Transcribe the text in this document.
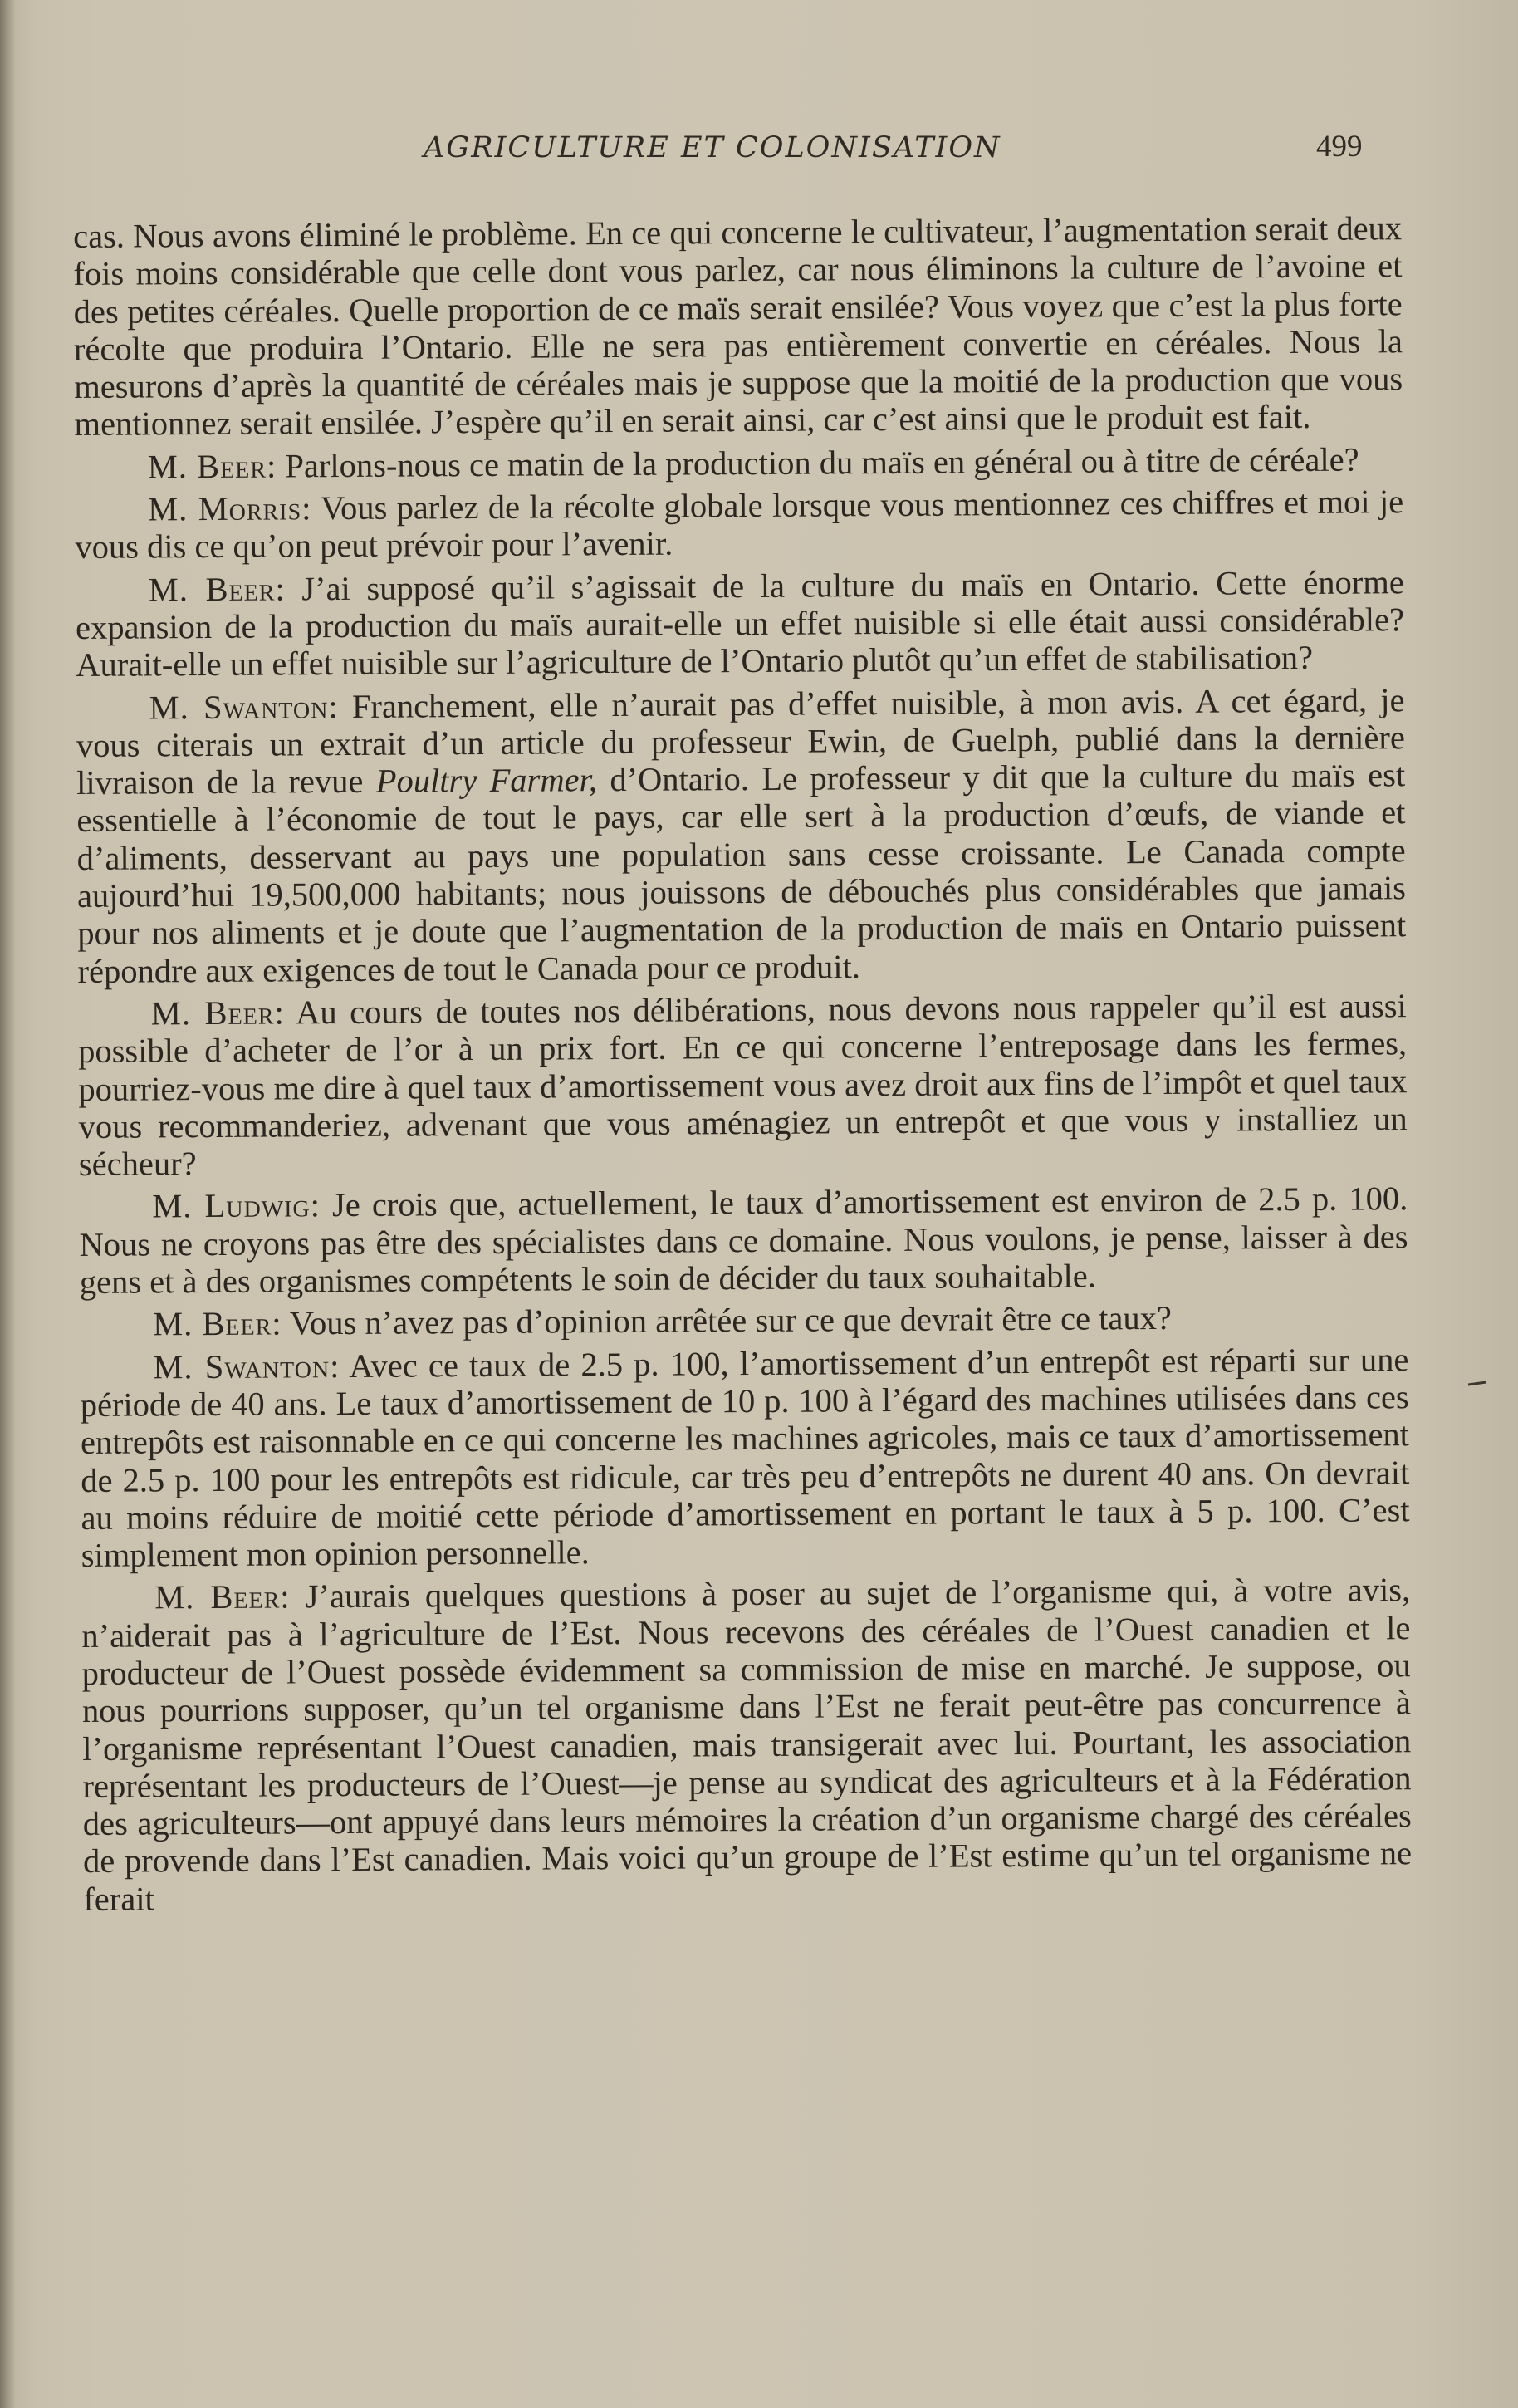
AGRICULTURE ET COLONISATION	499

cas. Nous avons éliminé le problème. En ce qui concerne le cultivateur, l’augmentation serait deux fois moins considérable que celle dont vous parlez, car nous éliminons la culture de l’avoine et des petites céréales. Quelle proportion de ce maïs serait ensilée? Vous voyez que c’est la plus forte récolte que produira l’Ontario. Elle ne sera pas entièrement convertie en céréales. Nous la mesurons d’après la quantité de céréales mais je suppose que la moitié de la production que vous mentionnez serait ensilée. J’espère qu’il en serait ainsi, car c’est ainsi que le produit est fait.

M. Beer: Parlons-nous ce matin de la production du maïs en général ou à titre de céréale?

M. Morris: Vous parlez de la récolte globale lorsque vous mentionnez ces chiffres et moi je vous dis ce qu’on peut prévoir pour l’avenir.

M. Beer: J’ai supposé qu’il s’agissait de la culture du maïs en Ontario. Cette énorme expansion de la production du maïs aurait-elle un effet nuisible si elle était aussi considérable? Aurait-elle un effet nuisible sur l’agriculture de l’Ontario plutôt qu’un effet de stabilisation?

M. Swanton: Franchement, elle n’aurait pas d’effet nuisible, à mon avis. A cet égard, je vous citerais un extrait d’un article du professeur Ewin, de Guelph, publié dans la dernière livraison de la revue Poultry Farmer, d’Ontario. Le professeur y dit que la culture du maïs est essentielle à l’économie de tout le pays, car elle sert à la production d’œufs, de viande et d’aliments, desservant au pays une population sans cesse croissante. Le Canada compte aujourd’hui 19,500,000 habitants; nous jouissons de débouchés plus considérables que jamais pour nos aliments et je doute que l’augmentation de la production de maïs en Ontario puissent répondre aux exigences de tout le Canada pour ce produit.

M. Beer: Au cours de toutes nos délibérations, nous devons nous rappeler qu’il est aussi possible d’acheter de l’or à un prix fort. En ce qui concerne l’entreposage dans les fermes, pourriez-vous me dire à quel taux d’amortissement vous avez droit aux fins de l’impôt et quel taux vous recommanderiez, advenant que vous aménagiez un entrepôt et que vous y installiez un sécheur?

M. Ludwig: Je crois que, actuellement, le taux d’amortissement est environ de 2.5 p. 100. Nous ne croyons pas être des spécialistes dans ce domaine. Nous voulons, je pense, laisser à des gens et à des organismes compétents le soin de décider du taux souhaitable.

M. Beer: Vous n’avez pas d’opinion arrêtée sur ce que devrait être ce taux?

M. Swanton: Avec ce taux de 2.5 p. 100, l’amortissement d’un entrepôt est réparti sur une période de 40 ans. Le taux d’amortissement de 10 p. 100 à l’égard des machines utilisées dans ces entrepôts est raisonnable en ce qui concerne les machines agricoles, mais ce taux d’amortissement de 2.5 p. 100 pour les entrepôts est ridicule, car très peu d’entrepôts ne durent 40 ans. On devrait au moins réduire de moitié cette période d’amortissement en portant le taux à 5 p. 100. C’est simplement mon opinion personnelle.

M. Beer: J’aurais quelques questions à poser au sujet de l’organisme qui, à votre avis, n’aiderait pas à l’agriculture de l’Est. Nous recevons des céréales de l’Ouest canadien et le producteur de l’Ouest possède évidemment sa commission de mise en marché. Je suppose, ou nous pourrions supposer, qu’un tel organisme dans l’Est ne ferait peut-être pas concurrence à l’organisme représentant l’Ouest canadien, mais transigerait avec lui. Pourtant, les association représentant les producteurs de l’Ouest—je pense au syndicat des agriculteurs et à la Fédération des agriculteurs—ont appuyé dans leurs mémoires la création d’un organisme chargé des céréales de provende dans l’Est canadien. Mais voici qu’un groupe de l’Est estime qu’un tel organisme ne ferait
